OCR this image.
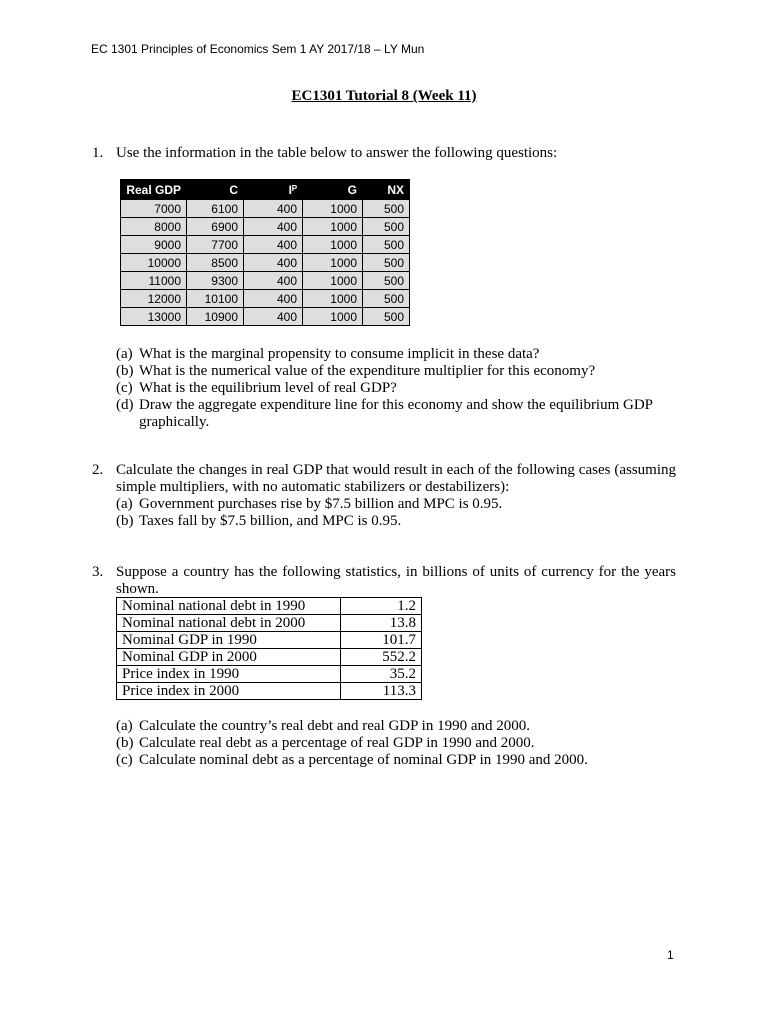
EC 1301 Principles of Economics Sem 1 AY 2017/18 – LY Mun
EC1301 Tutorial 8 (Week 11)
1. Use the information in the table below to answer the following questions:
Real GDP	C	Iᴾ	G	NX
7000	6100	400	1000	500
8000	6900	400	1000	500
9000	7700	400	1000	500
10000	8500	400	1000	500
11000	9300	400	1000	500
12000	10100	400	1000	500
13000	10900	400	1000	500
(a) What is the marginal propensity to consume implicit in these data?
(b) What is the numerical value of the expenditure multiplier for this economy?
(c) What is the equilibrium level of real GDP?
(d) Draw the aggregate expenditure line for this economy and show the equilibrium GDP graphically.
2. Calculate the changes in real GDP that would result in each of the following cases (assuming simple multipliers, with no automatic stabilizers or destabilizers):
(a) Government purchases rise by $7.5 billion and MPC is 0.95.
(b) Taxes fall by $7.5 billion, and MPC is 0.95.
3. Suppose a country has the following statistics, in billions of units of currency for the years shown.
Nominal national debt in 1990	1.2
Nominal national debt in 2000	13.8
Nominal GDP in 1990	101.7
Nominal GDP in 2000	552.2
Price index in 1990	35.2
Price index in 2000	113.3
(a) Calculate the country’s real debt and real GDP in 1990 and 2000.
(b) Calculate real debt as a percentage of real GDP in 1990 and 2000.
(c) Calculate nominal debt as a percentage of nominal GDP in 1990 and 2000.
1
